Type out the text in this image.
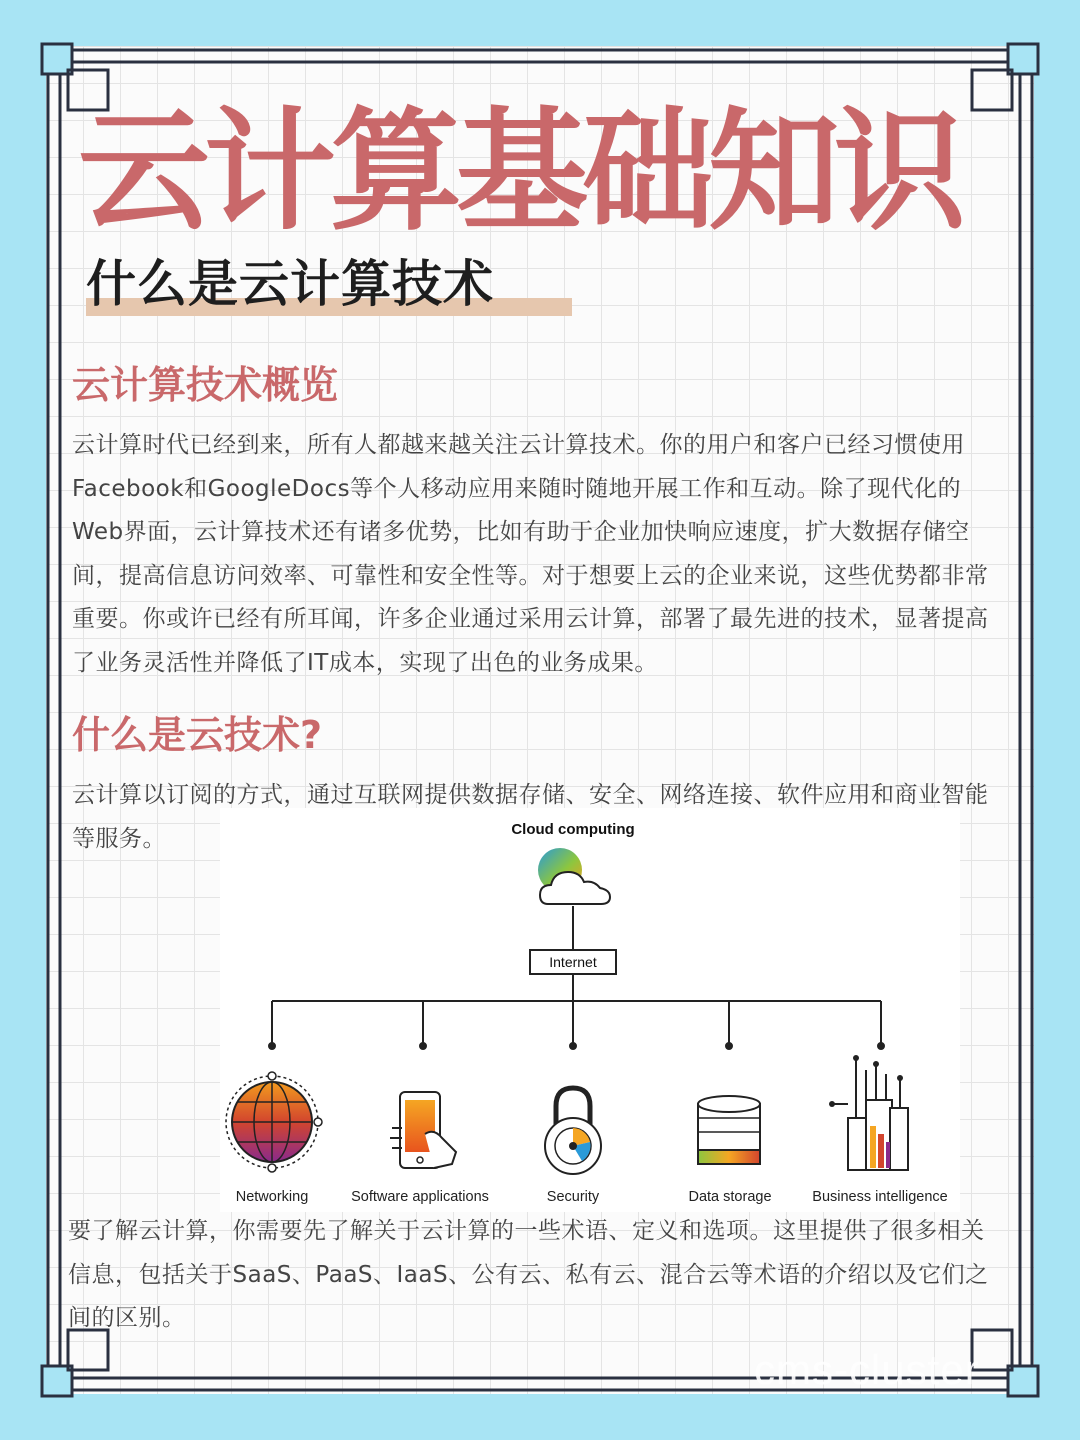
云计算基础知识
什么是云计算技术
云计算技术概览

云计算时代已经到来，所有人都越来越关注云计算技术。你的用户和客户已经习惯使用Facebook和GoogleDocs等个人移动应用来随时随地开展工作和互动。除了现代化的Web界面，云计算技术还有诸多优势，比如有助于企业加快响应速度，扩大数据存储空间，提高信息访问效率、可靠性和安全性等。对于想要上云的企业来说，这些优势都非常重要。你或许已经有所耳闻，许多企业通过采用云计算，部署了最先进的技术，显著提高了业务灵活性并降低了IT成本，实现了出色的业务成果。

什么是云技术?

云计算以订阅的方式，通过互联网提供数据存储、安全、网络连接、软件应用和商业智能等服务。	Cloud computing
Internet
Networking	Software applications	Security	Data storage	Business intelligence

要了解云计算，你需要先了解关于云计算的一些术语、定义和选项。这里提供了很多相关信息，包括关于SaaS、PaaS、IaaS、公有云、私有云、混合云等术语的介绍以及它们之间的区别。

cms-cluster
